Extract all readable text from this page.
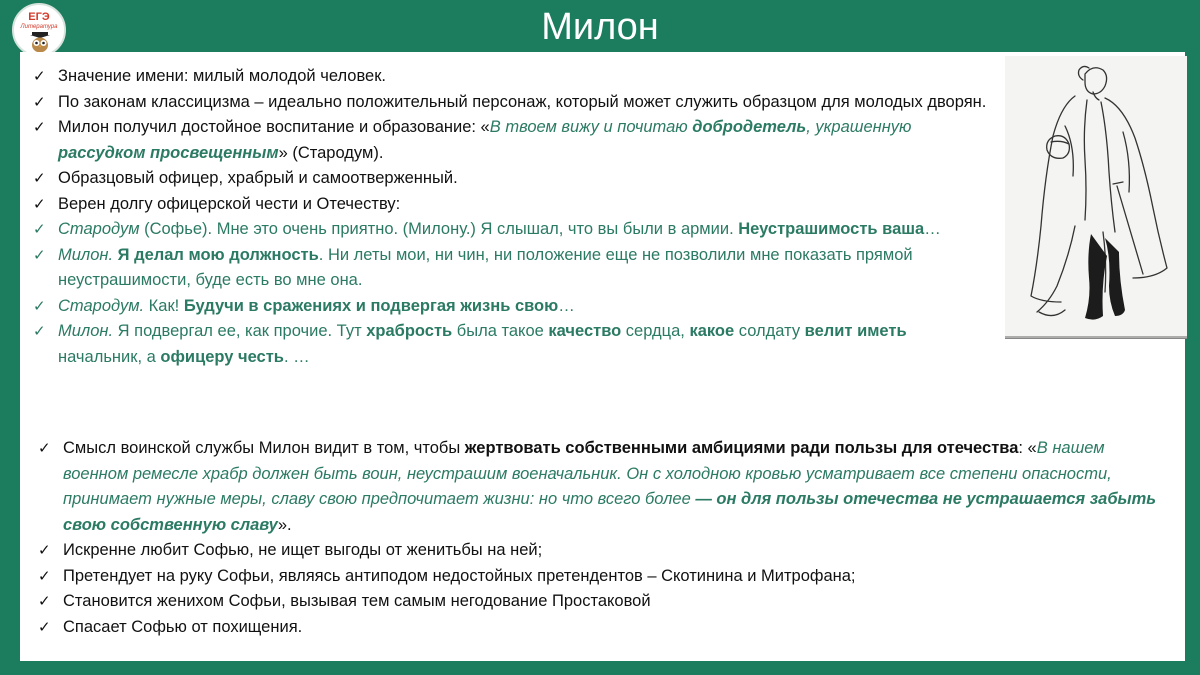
Милон
ЕГЭ
Литература
✓ Значение имени: милый молодой человек.
✓ По законам классицизма – идеально положительный персонаж, который может служить образцом для молодых дворян.
✓ Милон получил достойное воспитание и образование: «В твоем вижу и почитаю добродетель, украшенную рассудком просвещенным» (Стародум).
✓ Образцовый офицер, храбрый и самоотверженный.
✓ Верен долгу офицерской чести и Отечеству:
✓ Стародум (Софье). Мне это очень приятно. (Милону.) Я слышал, что вы были в армии. Неустрашимость ваша…
✓ Милон. Я делал мою должность. Ни леты мои, ни чин, ни положение еще не позволили мне показать прямой неустрашимости, буде есть во мне она.
✓ Стародум. Как! Будучи в сражениях и подвергая жизнь свою…
✓ Милон. Я подвергал ее, как прочие. Тут храбрость была такое качество сердца, какое солдату велит иметь начальник, а офицеру честь. …
✓ Смысл воинской службы Милон видит в том, чтобы жертвовать собственными амбициями ради пользы для отечества: «В нашем военном ремесле храбр должен быть воин, неустрашим военачальник. Он с холодною кровью усматривает все степени опасности, принимает нужные меры, славу свою предпочитает жизни: но что всего более — он для пользы отечества не устрашается забыть свою собственную славу».
✓ Искренне любит Софью, не ищет выгоды от женитьбы на ней;
✓ Претендует на руку Софьи, являясь антиподом недостойных претендентов – Скотинина и Митрофана;
✓ Становится женихом Софьи, вызывая тем самым негодование Простаковой
✓ Спасает Софью от похищения.
